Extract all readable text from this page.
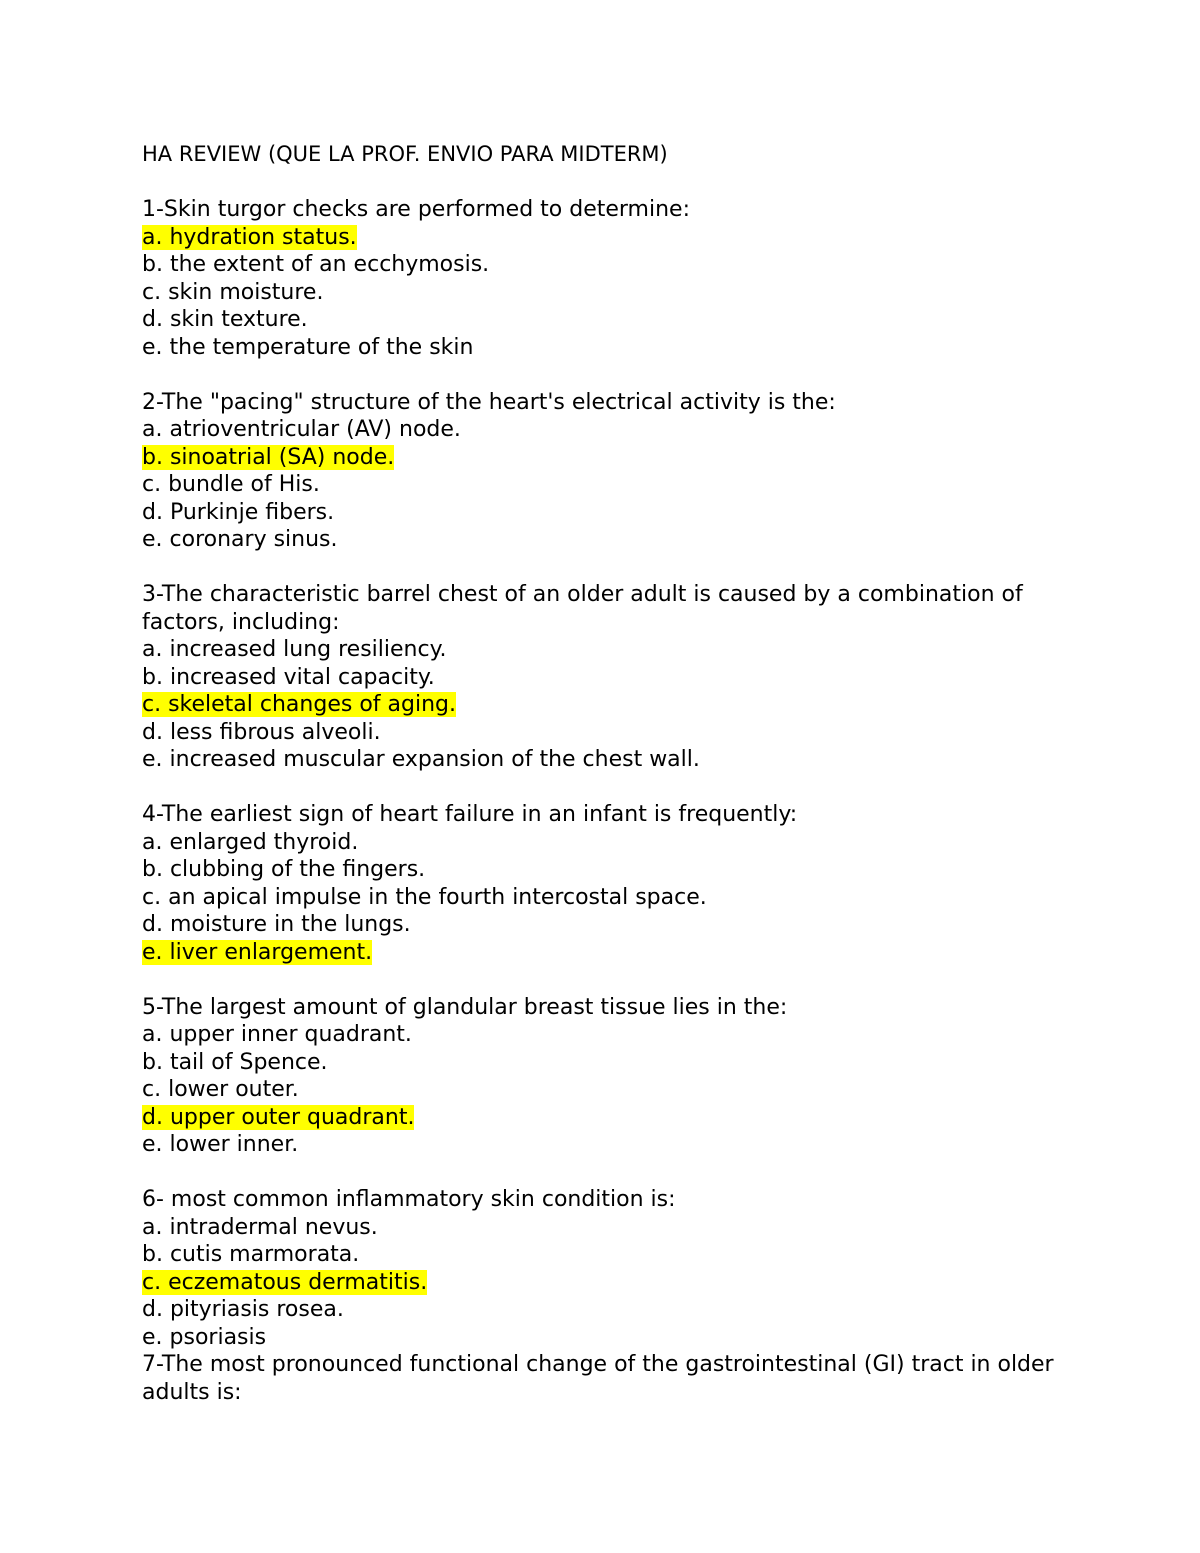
HA REVIEW (QUE LA PROF. ENVIO PARA MIDTERM)

1-Skin turgor checks are performed to determine:

a. hydration status.

b. the extent of an ecchymosis.

c. skin moisture.

d. skin texture.

e. the temperature of the skin

2-The "pacing" structure of the heart's electrical activity is the:

a. atrioventricular (AV) node.

b. sinoatrial (SA) node.

c. bundle of His.

d. Purkinje fibers.

e. coronary sinus.

3-The characteristic barrel chest of an older adult is caused by a combination of factors, including:

a. increased lung resiliency.

b. increased vital capacity.

c. skeletal changes of aging.

d. less fibrous alveoli.

e. increased muscular expansion of the chest wall.

4-The earliest sign of heart failure in an infant is frequently:

a. enlarged thyroid.

b. clubbing of the fingers.

c. an apical impulse in the fourth intercostal space.

d. moisture in the lungs.

e. liver enlargement.

5-The largest amount of glandular breast tissue lies in the:

a. upper inner quadrant.

b. tail of Spence.

c. lower outer.

d. upper outer quadrant.

e. lower inner.

6- most common inflammatory skin condition is:

a. intradermal nevus.

b. cutis marmorata.

c. eczematous dermatitis.

d. pityriasis rosea.

e. psoriasis

7-The most pronounced functional change of the gastrointestinal (GI) tract in older adults is:
